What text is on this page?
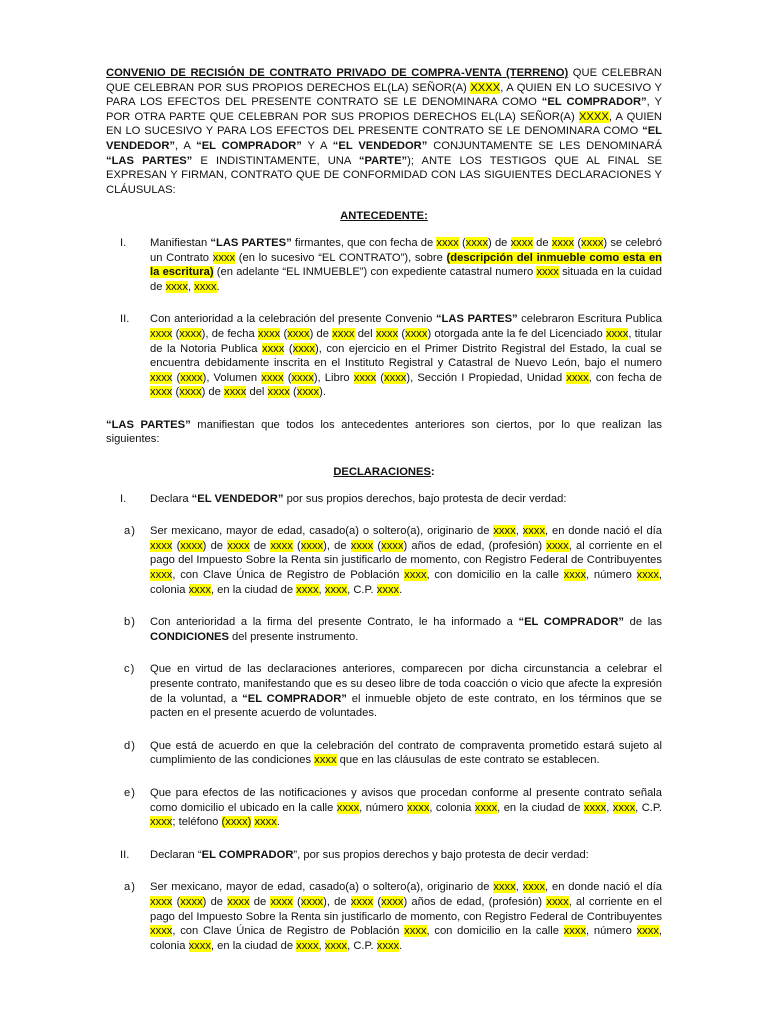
CONVENIO DE RECISIÓN DE CONTRATO PRIVADO DE COMPRA-VENTA (TERRENO) QUE CELEBRAN QUE CELEBRAN POR SUS PROPIOS DERECHOS EL(LA) SEÑOR(A) XXXX, A QUIEN EN LO SUCESIVO Y PARA LOS EFECTOS DEL PRESENTE CONTRATO SE LE DENOMINARA COMO “EL COMPRADOR”, Y POR OTRA PARTE QUE CELEBRAN POR SUS PROPIOS DERECHOS EL(LA) SEÑOR(A) XXXX, A QUIEN EN LO SUCESIVO Y PARA LOS EFECTOS DEL PRESENTE CONTRATO SE LE DENOMINARA COMO “EL VENDEDOR”, A “EL COMPRADOR” Y A “EL VENDEDOR” CONJUNTAMENTE SE LES DENOMINARÁ “LAS PARTES” E INDISTINTAMENTE, UNA “PARTE”); ANTE LOS TESTIGOS QUE AL FINAL SE EXPRESAN Y FIRMAN, CONTRATO QUE DE CONFORMIDAD CON LAS SIGUIENTES DECLARACIONES Y CLÁUSULAS:

ANTECEDENTE:

I.	Manifiestan “LAS PARTES” firmantes, que con fecha de xxxx (xxxx) de xxxx de xxxx (xxxx) se celebró un Contrato xxxx (en lo sucesivo “EL CONTRATO”), sobre (descripción del inmueble como esta en la escritura) (en adelante “EL INMUEBLE”) con expediente catastral numero xxxx situada en la cuidad de xxxx, xxxx.
II.	Con anterioridad a la celebración del presente Convenio “LAS PARTES” celebraron Escritura Publica xxxx (xxxx), de fecha xxxx (xxxx) de xxxx del xxxx (xxxx) otorgada ante la fe del Licenciado xxxx, titular de la Notoria Publica xxxx (xxxx), con ejercicio en el Primer Distrito Registral del Estado, la cual se encuentra debidamente inscrita en el Instituto Registral y Catastral de Nuevo León, bajo el numero xxxx (xxxx), Volumen xxxx (xxxx), Libro xxxx (xxxx), Sección I Propiedad, Unidad xxxx, con fecha de xxxx (xxxx) de xxxx del xxxx (xxxx).

“LAS PARTES” manifiestan que todos los antecedentes anteriores son ciertos, por lo que realizan las siguientes:

DECLARACIONES:

I.	Declara “EL VENDEDOR” por sus propios derechos, bajo protesta de decir verdad:
a)	Ser mexicano, mayor de edad, casado(a) o soltero(a), originario de xxxx, xxxx, en donde nació el día xxxx (xxxx) de xxxx de xxxx (xxxx), de xxxx (xxxx) años de edad, (profesión) xxxx, al corriente en el pago del Impuesto Sobre la Renta sin justificarlo de momento, con Registro Federal de Contribuyentes xxxx, con Clave Única de Registro de Población xxxx, con domicilio en la calle xxxx, número xxxx, colonia xxxx, en la ciudad de xxxx, xxxx, C.P. xxxx.
b)	Con anterioridad a la firma del presente Contrato, le ha informado a “EL COMPRADOR” de las CONDICIONES del presente instrumento.
c)	Que en virtud de las declaraciones anteriores, comparecen por dicha circunstancia a celebrar el presente contrato, manifestando que es su deseo libre de toda coacción o vicio que afecte la expresión de la voluntad, a “EL COMPRADOR” el inmueble objeto de este contrato, en los términos que se pacten en el presente acuerdo de voluntades.
d)	Que está de acuerdo en que la celebración del contrato de compraventa prometido estará sujeto al cumplimiento de las condiciones xxxx que en las cláusulas de este contrato se establecen.
e)	Que para efectos de las notificaciones y avisos que procedan conforme al presente contrato señala como domicilio el ubicado en la calle xxxx, número xxxx, colonia xxxx, en la ciudad de xxxx, xxxx, C.P. xxxx; teléfono (xxxx) xxxx.
II.	Declaran “EL COMPRADOR”, por sus propios derechos y bajo protesta de decir verdad:
a)	Ser mexicano, mayor de edad, casado(a) o soltero(a), originario de xxxx, xxxx, en donde nació el día xxxx (xxxx) de xxxx de xxxx (xxxx), de xxxx (xxxx) años de edad, (profesión) xxxx, al corriente en el pago del Impuesto Sobre la Renta sin justificarlo de momento, con Registro Federal de Contribuyentes xxxx, con Clave Única de Registro de Población xxxx, con domicilio en la calle xxxx, número xxxx, colonia xxxx, en la ciudad de xxxx, xxxx, C.P. xxxx.
